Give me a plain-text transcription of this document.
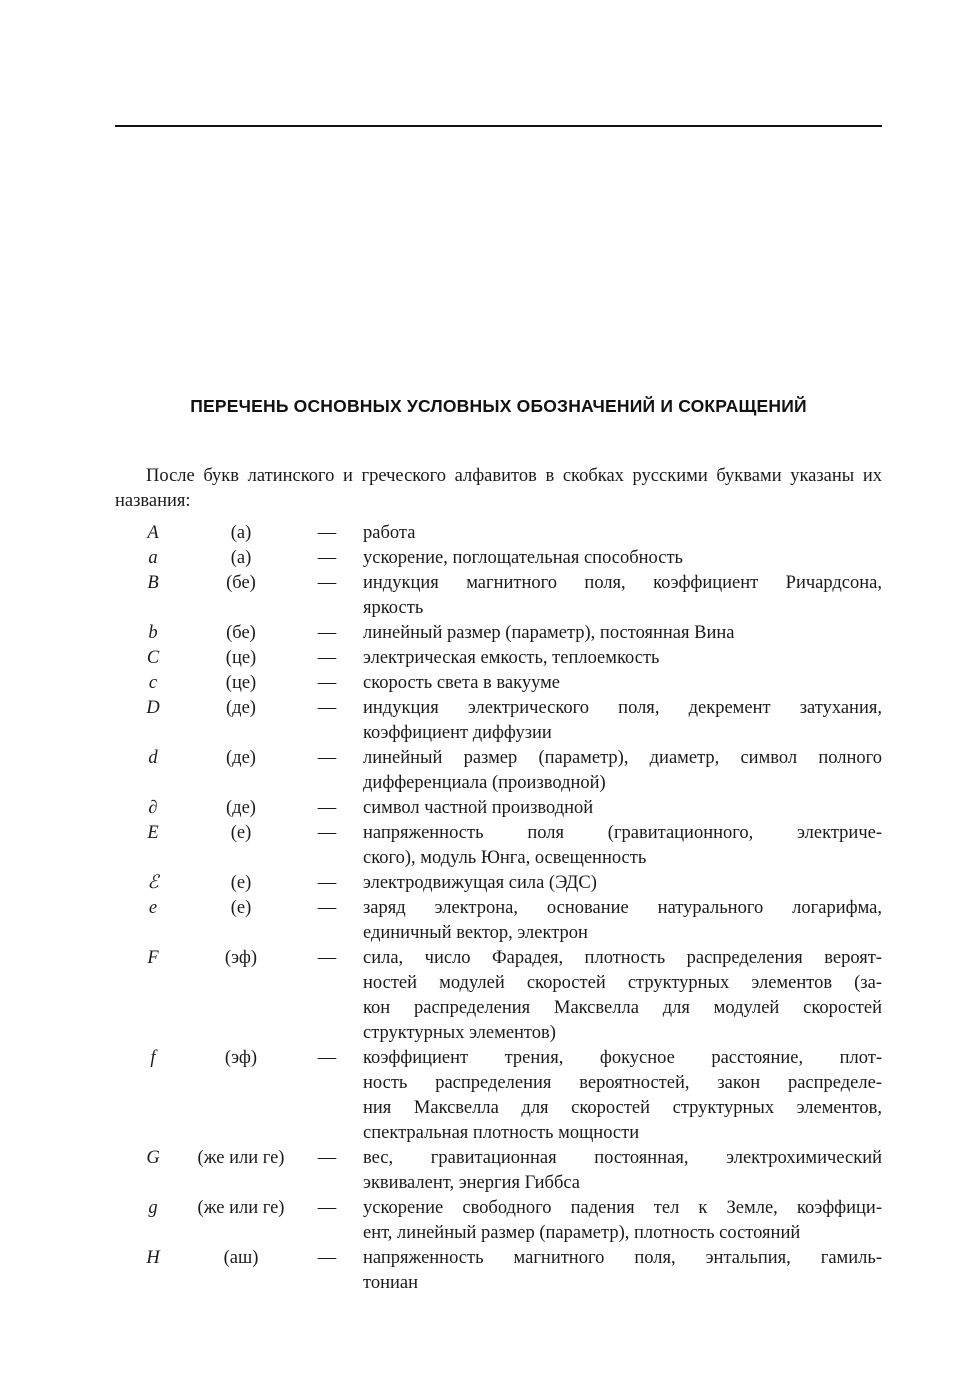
ПЕРЕЧЕНЬ ОСНОВНЫХ УСЛОВНЫХ ОБОЗНАЧЕНИЙ И СОКРАЩЕНИЙ
После букв латинского и греческого алфавитов в скобках русскими буквами указаны их названия:
A	(а)	—	работа
a	(а)	—	ускорение, поглощательная способность
B	(бе)	—	индукция магнитного поля, коэффициент Ричардсона,
яркость
b	(бе)	—	линейный размер (параметр), постоянная Вина
C	(це)	—	электрическая емкость, теплоемкость
c	(це)	—	скорость света в вакууме
D	(де)	—	индукция электрического поля, декремент затухания,
коэффициент диффузии
d	(де)	—	линейный размер (параметр), диаметр, символ полного
дифференциала (производной)
∂	(де)	—	символ частной производной
E	(е)	—	напряженность поля (гравитационного, электриче-
ского), модуль Юнга, освещенность
ℰ	(е)	—	электродвижущая сила (ЭДС)
e	(е)	—	заряд электрона, основание натурального логарифма,
единичный вектор, электрон
F	(эф)	—	сила, число Фарадея, плотность распределения вероят-
ностей модулей скоростей структурных элементов (за-
кон распределения Максвелла для модулей скоростей
структурных элементов)
f	(эф)	—	коэффициент трения, фокусное расстояние, плот-
ность распределения вероятностей, закон распределе-
ния Максвелла для скоростей структурных элементов,
спектральная плотность мощности
G	(же или ге)	—	вес, гравитационная постоянная, электрохимический
эквивалент, энергия Гиббса
g	(же или ге)	—	ускорение свободного падения тел к Земле, коэффици-
ент, линейный размер (параметр), плотность состояний
H	(аш)	—	напряженность магнитного поля, энтальпия, гамиль-
тониан
